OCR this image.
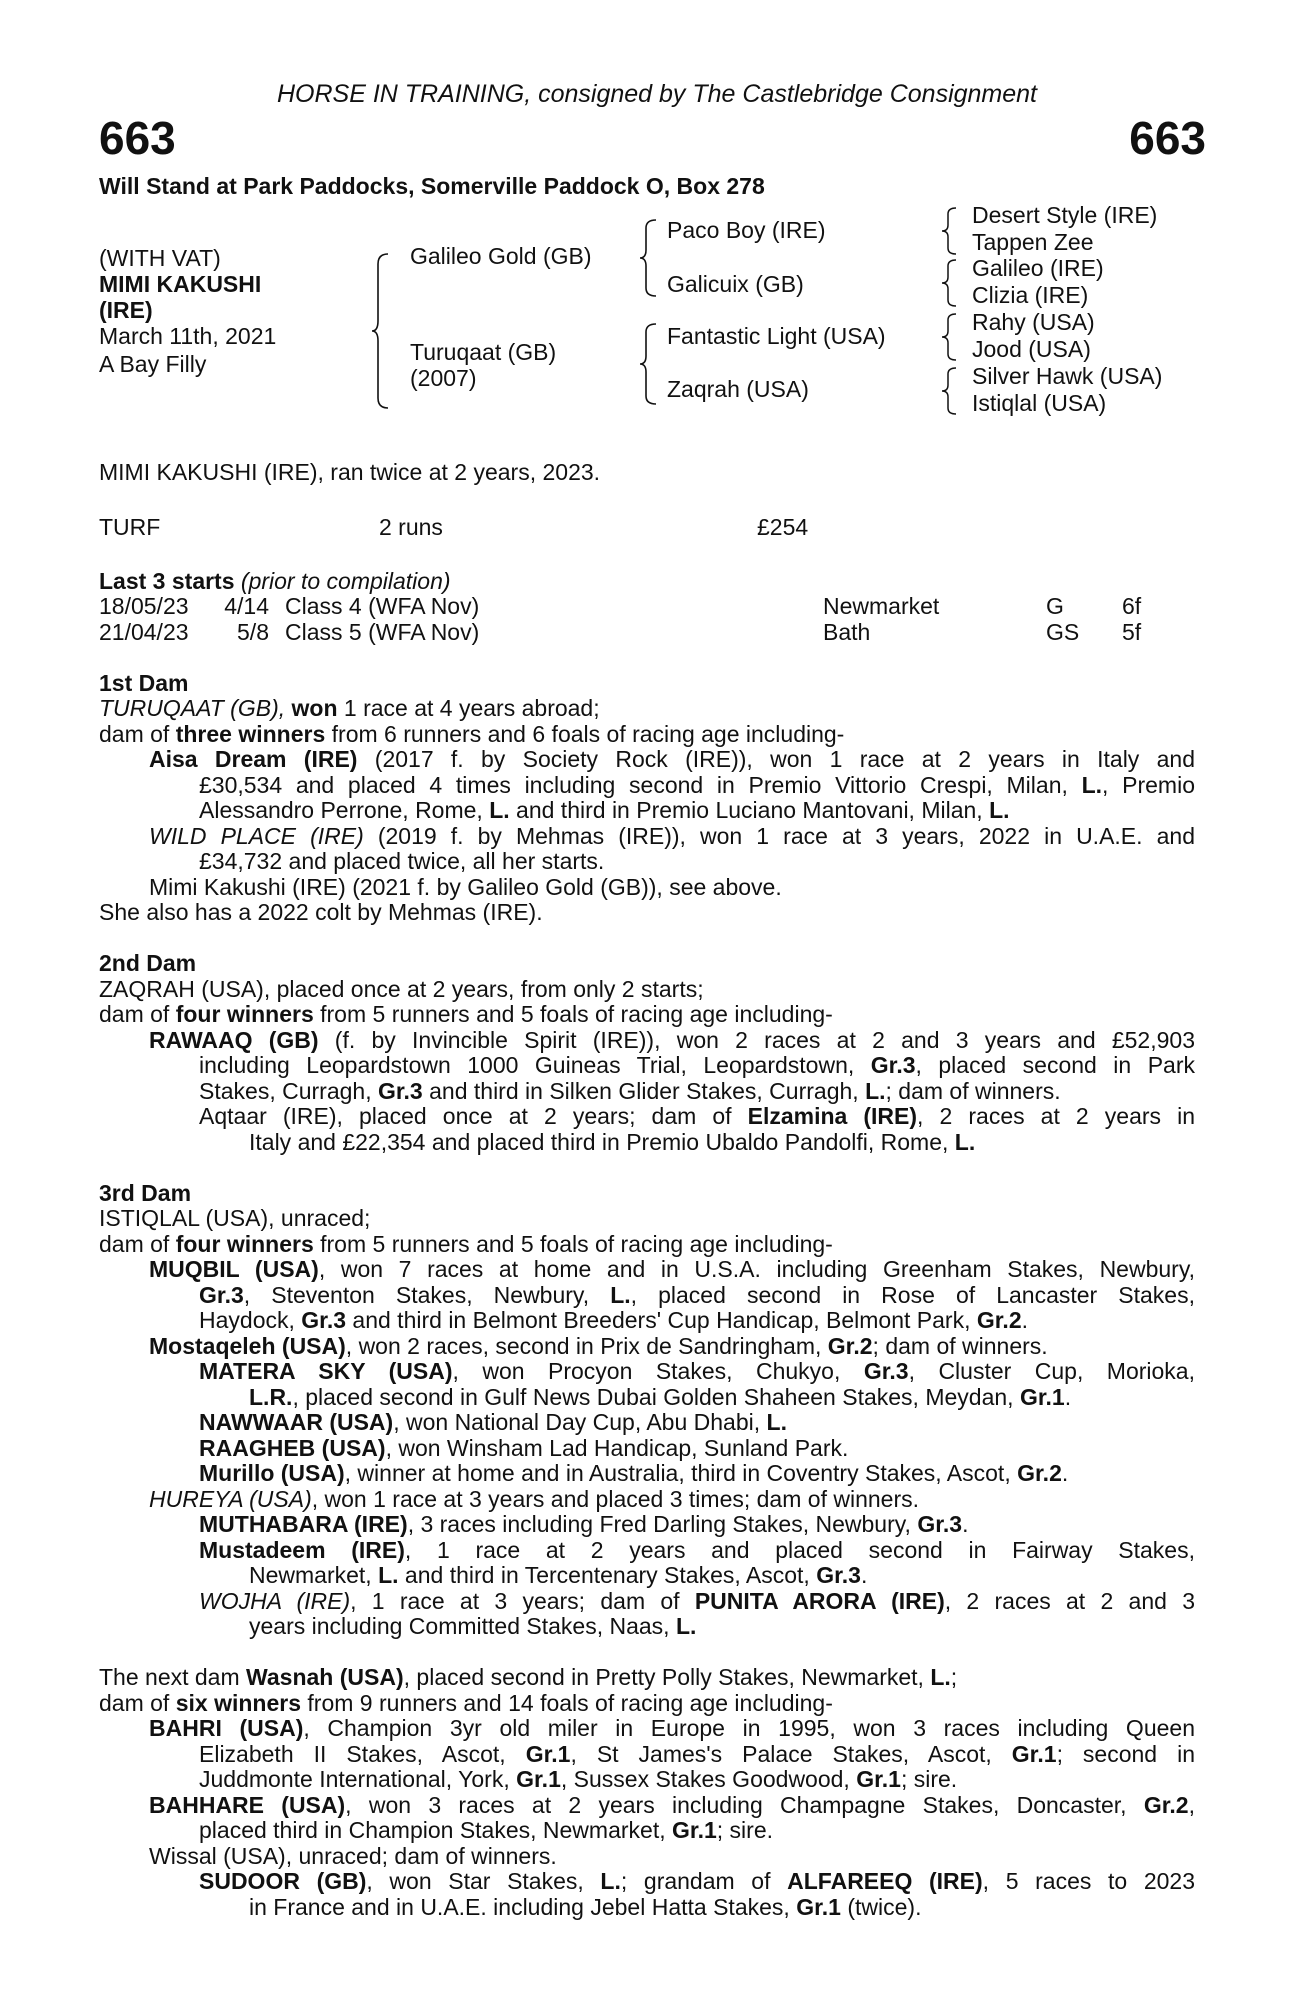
HORSE IN TRAINING, consigned by The Castlebridge Consignment
663	663
Will Stand at Park Paddocks, Somerville Paddock O, Box 278
(WITH VAT)
MIMI KAKUSHI
(IRE)
March 11th, 2021
A Bay Filly
Galileo Gold (GB)
Turuqaat (GB)
(2007)
Paco Boy (IRE)
Galicuix (GB)
Fantastic Light (USA)
Zaqrah (USA)
Desert Style (IRE)
Tappen Zee
Galileo (IRE)
Clizia (IRE)
Rahy (USA)
Jood (USA)
Silver Hawk (USA)
Istiqlal (USA)
MIMI KAKUSHI (IRE), ran twice at 2 years, 2023.
TURF	2 runs	£254
Last 3 starts (prior to compilation)
18/05/23 4/14 Class 4 (WFA Nov)	Newmarket	G	6f
21/04/23 5/8 Class 5 (WFA Nov)	Bath	GS 5f
1st Dam
TURUQAAT (GB), won 1 race at 4 years abroad;
dam of three winners from 6 runners and 6 foals of racing age including-
Aisa Dream (IRE) (2017 f. by Society Rock (IRE)), won 1 race at 2 years in Italy and
£30,534 and placed 4 times including second in Premio Vittorio Crespi, Milan, L., Premio
Alessandro Perrone, Rome, L. and third in Premio Luciano Mantovani, Milan, L.
WILD PLACE (IRE) (2019 f. by Mehmas (IRE)), won 1 race at 3 years, 2022 in U.A.E. and
£34,732 and placed twice, all her starts.
Mimi Kakushi (IRE) (2021 f. by Galileo Gold (GB)), see above.
She also has a 2022 colt by Mehmas (IRE).
2nd Dam
ZAQRAH (USA), placed once at 2 years, from only 2 starts;
dam of four winners from 5 runners and 5 foals of racing age including-
RAWAAQ (GB) (f. by Invincible Spirit (IRE)), won 2 races at 2 and 3 years and £52,903
including Leopardstown 1000 Guineas Trial, Leopardstown, Gr.3, placed second in Park
Stakes, Curragh, Gr.3 and third in Silken Glider Stakes, Curragh, L.; dam of winners.
Aqtaar (IRE), placed once at 2 years; dam of Elzamina (IRE), 2 races at 2 years in
Italy and £22,354 and placed third in Premio Ubaldo Pandolfi, Rome, L.
3rd Dam
ISTIQLAL (USA), unraced;
dam of four winners from 5 runners and 5 foals of racing age including-
MUQBIL (USA), won 7 races at home and in U.S.A. including Greenham Stakes, Newbury,
Gr.3, Steventon Stakes, Newbury, L., placed second in Rose of Lancaster Stakes,
Haydock, Gr.3 and third in Belmont Breeders' Cup Handicap, Belmont Park, Gr.2.
Mostaqeleh (USA), won 2 races, second in Prix de Sandringham, Gr.2; dam of winners.
MATERA SKY (USA), won Procyon Stakes, Chukyo, Gr.3, Cluster Cup, Morioka,
L.R., placed second in Gulf News Dubai Golden Shaheen Stakes, Meydan, Gr.1.
NAWWAAR (USA), won National Day Cup, Abu Dhabi, L.
RAAGHEB (USA), won Winsham Lad Handicap, Sunland Park.
Murillo (USA), winner at home and in Australia, third in Coventry Stakes, Ascot, Gr.2.
HUREYA (USA), won 1 race at 3 years and placed 3 times; dam of winners.
MUTHABARA (IRE), 3 races including Fred Darling Stakes, Newbury, Gr.3.
Mustadeem (IRE), 1 race at 2 years and placed second in Fairway Stakes,
Newmarket, L. and third in Tercentenary Stakes, Ascot, Gr.3.
WOJHA (IRE), 1 race at 3 years; dam of PUNITA ARORA (IRE), 2 races at 2 and 3
years including Committed Stakes, Naas, L.
The next dam Wasnah (USA), placed second in Pretty Polly Stakes, Newmarket, L.;
dam of six winners from 9 runners and 14 foals of racing age including-
BAHRI (USA), Champion 3yr old miler in Europe in 1995, won 3 races including Queen
Elizabeth II Stakes, Ascot, Gr.1, St James's Palace Stakes, Ascot, Gr.1; second in
Juddmonte International, York, Gr.1, Sussex Stakes Goodwood, Gr.1; sire.
BAHHARE (USA), won 3 races at 2 years including Champagne Stakes, Doncaster, Gr.2,
placed third in Champion Stakes, Newmarket, Gr.1; sire.
Wissal (USA), unraced; dam of winners.
SUDOOR (GB), won Star Stakes, L.; grandam of ALFAREEQ (IRE), 5 races to 2023
in France and in U.A.E. including Jebel Hatta Stakes, Gr.1 (twice).
